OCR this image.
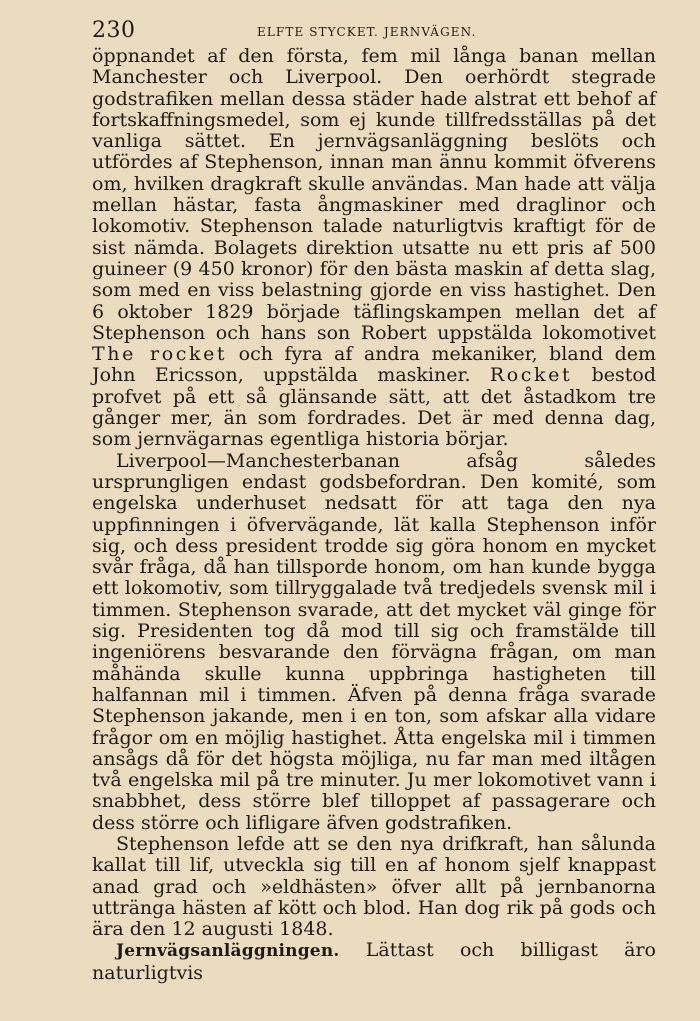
230	ELFTE STYCKET. JERNVÄGEN.

öppnandet af den första, fem mil långa banan mellan Manchester och Liverpool. Den oerhördt stegrade godstrafiken mellan dessa städer hade alstrat ett behof af fortskaffningsmedel, som ej kunde tillfredsställas på det vanliga sättet. En jernvägsanläggning beslöts och utfördes af Stephenson, innan man ännu kommit öfverens om, hvilken dragkraft skulle användas. Man hade att välja mellan hästar, fasta ångmaskiner med draglinor och lokomotiv. Stephenson talade naturligtvis kraftigt för de sist nämda. Bolagets direktion utsatte nu ett pris af 500 guineer (9 450 kronor) för den bästa maskin af detta slag, som med en viss belastning gjorde en viss hastighet. Den 6 oktober 1829 började täflingskampen mellan det af Stephenson och hans son Robert uppstälda lokomotivet The rocket och fyra af andra mekaniker, bland dem John Ericsson, uppstälda maskiner. Rocket bestod profvet på ett så glänsande sätt, att det åstadkom tre gånger mer, än som fordrades. Det är med denna dag, som jernvägarnas egentliga historia börjar.

Liverpool—Manchesterbanan afsåg således ursprungligen endast godsbefordran. Den komité, som engelska underhuset nedsatt för att taga den nya uppfinningen i öfvervägande, lät kalla Stephenson inför sig, och dess president trodde sig göra honom en mycket svår fråga, då han tillsporde honom, om han kunde bygga ett lokomotiv, som tillryggalade två tredjedels svensk mil i timmen. Stephenson svarade, att det mycket väl ginge för sig. Presidenten tog då mod till sig och framstälde till ingeniörens besvarande den förvägna frågan, om man måhända skulle kunna uppbringa hastigheten till halfannan mil i timmen. Äfven på denna fråga svarade Stephenson jakande, men i en ton, som afskar alla vidare frågor om en möjlig hastighet. Åtta engelska mil i timmen ansågs då för det högsta möjliga, nu far man med iltågen två engelska mil på tre minuter. Ju mer lokomotivet vann i snabbhet, dess större blef tilloppet af passagerare och dess större och lifligare äfven godstrafiken.

Stephenson lefde att se den nya drifkraft, han sålunda kallat till lif, utveckla sig till en af honom sjelf knappast anad grad och »eldhästen» öfver allt på jernbanorna uttränga hästen af kött och blod. Han dog rik på gods och ära den 12 augusti 1848.

Jernvägsanläggningen. Lättast och billigast äro naturligtvis
